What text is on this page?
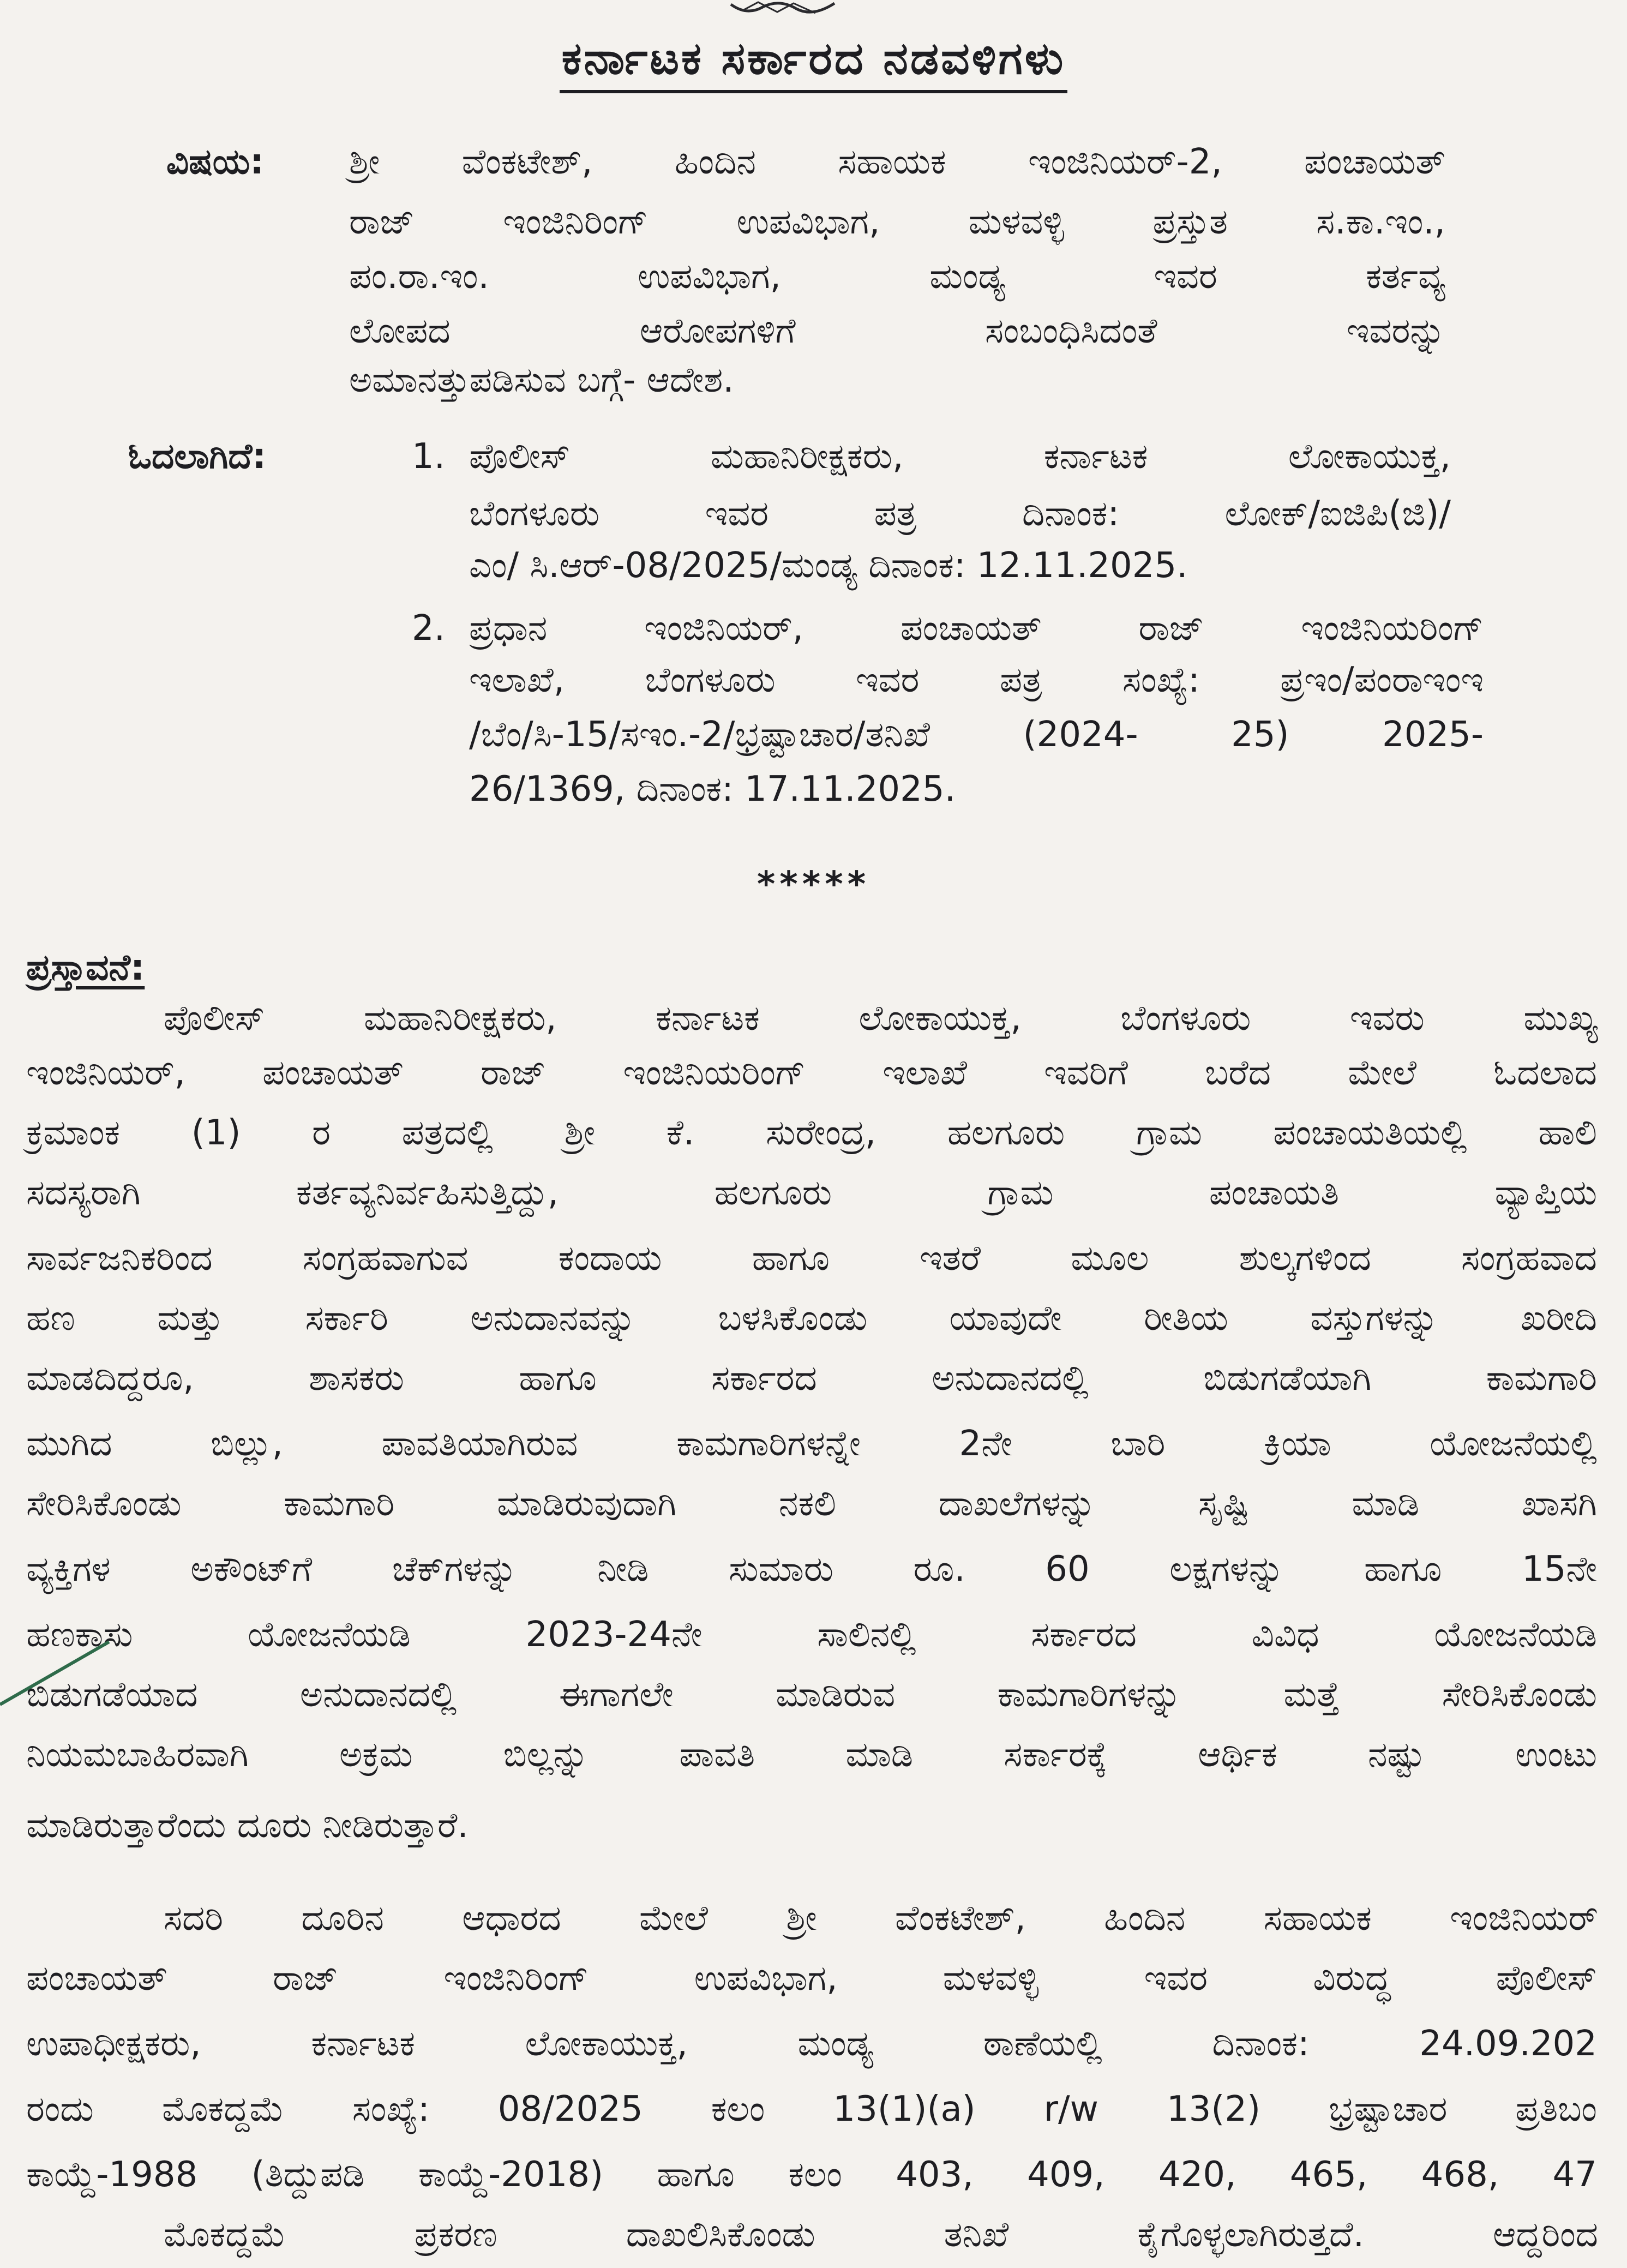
ಕರ್ನಾಟಕ ಸರ್ಕಾರದ ನಡವಳಿಗಳು
ವಿಷಯ: ಶ್ರೀ ವೆಂಕಟೇಶ್, ಹಿಂದಿನ ಸಹಾಯಕ ಇಂಜಿನಿಯರ್-2, ಪಂಚಾಯತ್
ರಾಜ್ ಇಂಜಿನಿರಿಂಗ್ ಉಪವಿಭಾಗ, ಮಳವಳ್ಳಿ ಪ್ರಸ್ತುತ ಸ.ಕಾ.ಇಂ.,
ಪಂ.ರಾ.ಇಂ. ಉಪವಿಭಾಗ, ಮಂಡ್ಯ ಇವರ ಕರ್ತವ್ಯ
ಲೋಪದ ಆರೋಪಗಳಿಗೆ ಸಂಬಂಧಿಸಿದಂತೆ ಇವರನ್ನು
ಅಮಾನತ್ತುಪಡಿಸುವ ಬಗ್ಗೆ- ಆದೇಶ.
ಓದಲಾಗಿದೆ:	1. ಪೊಲೀಸ್ ಮಹಾನಿರೀಕ್ಷಕರು, ಕರ್ನಾಟಕ ಲೋಕಾಯುಕ್ತ,
ಬೆಂಗಳೂರು ಇವರ ಪತ್ರ ದಿನಾಂಕ: ಲೋಕ್/ಐಜಿಪಿ(ಜಿ)/
ಎಂ/ ಸಿ.ಆರ್-08/2025/ಮಂಡ್ಯ ದಿನಾಂಕ: 12.11.2025.
2. ಪ್ರಧಾನ ಇಂಜಿನಿಯರ್, ಪಂಚಾಯತ್ ರಾಜ್ ಇಂಜಿನಿಯರಿಂಗ್
ಇಲಾಖೆ, ಬೆಂಗಳೂರು ಇವರ ಪತ್ರ ಸಂಖ್ಯೆ: ಪ್ರಇಂ/ಪಂರಾಇಂಇ
/ಬೆಂ/ಸಿ-15/ಸಇಂ.-2/ಭ್ರಷ್ಟಾಚಾರ/ತನಿಖೆ (2024- 25) 2025-
26/1369, ದಿನಾಂಕ: 17.11.2025.
*****
ಪ್ರಸ್ತಾವನೆ:
ಪೊಲೀಸ್ ಮಹಾನಿರೀಕ್ಷಕರು, ಕರ್ನಾಟಕ ಲೋಕಾಯುಕ್ತ, ಬೆಂಗಳೂರು ಇವರು ಮುಖ್ಯ
ಇಂಜಿನಿಯರ್, ಪಂಚಾಯತ್ ರಾಜ್ ಇಂಜಿನಿಯರಿಂಗ್ ಇಲಾಖೆ ಇವರಿಗೆ ಬರೆದ ಮೇಲೆ ಓದಲಾದ
ಕ್ರಮಾಂಕ (1) ರ ಪತ್ರದಲ್ಲಿ ಶ್ರೀ ಕೆ. ಸುರೇಂದ್ರ, ಹಲಗೂರು ಗ್ರಾಮ ಪಂಚಾಯತಿಯಲ್ಲಿ ಹಾಲಿ
ಸದಸ್ಯರಾಗಿ ಕರ್ತವ್ಯನಿರ್ವಹಿಸುತ್ತಿದ್ದು, ಹಲಗೂರು ಗ್ರಾಮ ಪಂಚಾಯತಿ ವ್ಯಾಪ್ತಿಯ
ಸಾರ್ವಜನಿಕರಿಂದ ಸಂಗ್ರಹವಾಗುವ ಕಂದಾಯ ಹಾಗೂ ಇತರೆ ಮೂಲ ಶುಲ್ಕಗಳಿಂದ ಸಂಗ್ರಹವಾದ
ಹಣ ಮತ್ತು ಸರ್ಕಾರಿ ಅನುದಾನವನ್ನು ಬಳಸಿಕೊಂಡು ಯಾವುದೇ ರೀತಿಯ ವಸ್ತುಗಳನ್ನು ಖರೀದಿ
ಮಾಡದಿದ್ದರೂ, ಶಾಸಕರು ಹಾಗೂ ಸರ್ಕಾರದ ಅನುದಾನದಲ್ಲಿ ಬಿಡುಗಡೆಯಾಗಿ ಕಾಮಗಾರಿ
ಮುಗಿದ ಬಿಲ್ಲು, ಪಾವತಿಯಾಗಿರುವ ಕಾಮಗಾರಿಗಳನ್ನೇ 2ನೇ ಬಾರಿ ಕ್ರಿಯಾ ಯೋಜನೆಯಲ್ಲಿ
ಸೇರಿಸಿಕೊಂಡು ಕಾಮಗಾರಿ ಮಾಡಿರುವುದಾಗಿ ನಕಲಿ ದಾಖಲೆಗಳನ್ನು ಸೃಷ್ಟಿ ಮಾಡಿ ಖಾಸಗಿ
ವ್ಯಕ್ತಿಗಳ ಅಕೌಂಟ್‌ಗೆ ಚೆಕ್‌ಗಳನ್ನು ನೀಡಿ ಸುಮಾರು ರೂ. 60 ಲಕ್ಷಗಳನ್ನು ಹಾಗೂ 15ನೇ
ಹಣಕಾಸು ಯೋಜನೆಯಡಿ 2023-24ನೇ ಸಾಲಿನಲ್ಲಿ ಸರ್ಕಾರದ ವಿವಿಧ ಯೋಜನೆಯಡಿ
ಬಿಡುಗಡೆಯಾದ ಅನುದಾನದಲ್ಲಿ ಈಗಾಗಲೇ ಮಾಡಿರುವ ಕಾಮಗಾರಿಗಳನ್ನು ಮತ್ತೆ ಸೇರಿಸಿಕೊಂಡು
ನಿಯಮಬಾಹಿರವಾಗಿ ಅಕ್ರಮ ಬಿಲ್ಲನ್ನು ಪಾವತಿ ಮಾಡಿ ಸರ್ಕಾರಕ್ಕೆ ಆರ್ಥಿಕ ನಷ್ಟು ಉಂಟು
ಮಾಡಿರುತ್ತಾರೆಂದು ದೂರು ನೀಡಿರುತ್ತಾರೆ.
ಸದರಿ ದೂರಿನ ಆಧಾರದ ಮೇಲೆ ಶ್ರೀ ವೆಂಕಟೇಶ್, ಹಿಂದಿನ ಸಹಾಯಕ ಇಂಜಿನಿಯರ್
ಪಂಚಾಯತ್ ರಾಜ್ ಇಂಜಿನಿರಿಂಗ್ ಉಪವಿಭಾಗ, ಮಳವಳ್ಳಿ ಇವರ ವಿರುದ್ಧ ಪೊಲೀಸ್
ಉಪಾಧೀಕ್ಷಕರು, ಕರ್ನಾಟಕ ಲೋಕಾಯುಕ್ತ, ಮಂಡ್ಯ ಠಾಣೆಯಲ್ಲಿ ದಿನಾಂಕ: 24.09.202
ರಂದು ಮೊಕದ್ದಮೆ ಸಂಖ್ಯೆ: 08/2025 ಕಲಂ 13(1)(a) r/w 13(2) ಭ್ರಷ್ಟಾಚಾರ ಪ್ರತಿಬಂ
ಕಾಯ್ದೆ-1988 (ತಿದ್ದುಪಡಿ ಕಾಯ್ದೆ-2018) ಹಾಗೂ ಕಲಂ 403, 409, 420, 465, 468, 47
ಮೊಕದ್ದಮೆ ಪ್ರಕರಣ ದಾಖಲಿಸಿಕೊಂಡು ತನಿಖೆ ಕೈಗೊಳ್ಳಲಾಗಿರುತ್ತದೆ. ಆದ್ದರಿಂದ
